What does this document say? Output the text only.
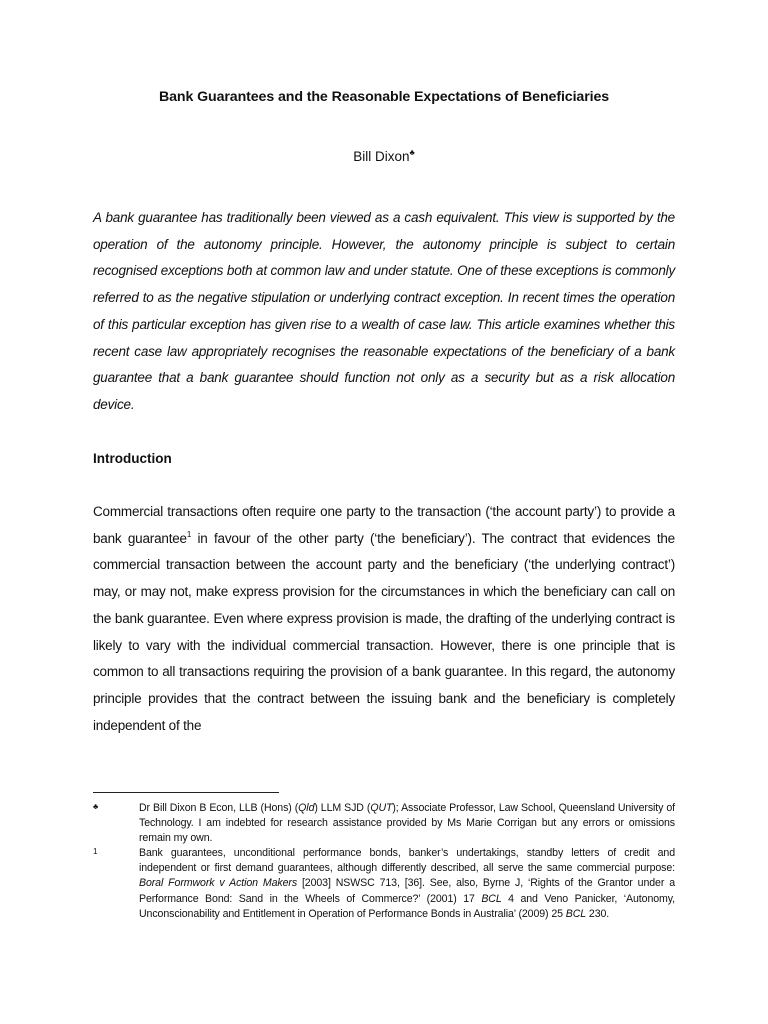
Bank Guarantees and the Reasonable Expectations of Beneficiaries
Bill Dixon♣
A bank guarantee has traditionally been viewed as a cash equivalent. This view is supported by the operation of the autonomy principle. However, the autonomy principle is subject to certain recognised exceptions both at common law and under statute. One of these exceptions is commonly referred to as the negative stipulation or underlying contract exception. In recent times the operation of this particular exception has given rise to a wealth of case law. This article examines whether this recent case law appropriately recognises the reasonable expectations of the beneficiary of a bank guarantee that a bank guarantee should function not only as a security but as a risk allocation device.
Introduction
Commercial transactions often require one party to the transaction (‘the account party’) to provide a bank guarantee$^1$ in favour of the other party (‘the beneficiary’). The contract that evidences the commercial transaction between the account party and the beneficiary (‘the underlying contract’) may, or may not, make express provision for the circumstances in which the beneficiary can call on the bank guarantee. Even where express provision is made, the drafting of the underlying contract is likely to vary with the individual commercial transaction. However, there is one principle that is common to all transactions requiring the provision of a bank guarantee. In this regard, the autonomy principle provides that the contract between the issuing bank and the beneficiary is completely independent of the
♣	Dr Bill Dixon B Econ, LLB (Hons) (Qld) LLM SJD (QUT); Associate Professor, Law School, Queensland University of Technology. I am indebted for research assistance provided by Ms Marie Corrigan but any errors or omissions remain my own.
1	Bank guarantees, unconditional performance bonds, banker’s undertakings, standby letters of credit and independent or first demand guarantees, although differently described, all serve the same commercial purpose: Boral Formwork v Action Makers [2003] NSWSC 713, [36]. See, also, Byrne J, ‘Rights of the Grantor under a Performance Bond: Sand in the Wheels of Commerce?’ (2001) 17 BCL 4 and Veno Panicker, ‘Autonomy, Unconscionability and Entitlement in Operation of Performance Bonds in Australia’ (2009) 25 BCL 230.
